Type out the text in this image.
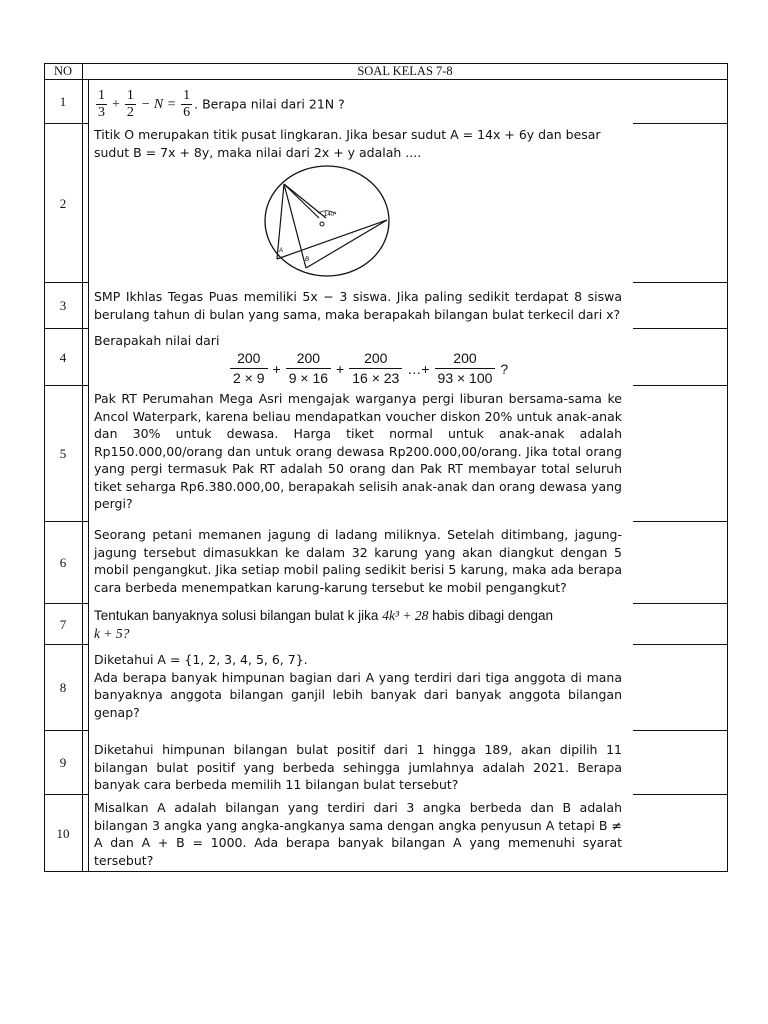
NO	SOAL KELAS 7-8
1
2
3
4
5
6
7
8
9
10
$\frac{1}{3} + \frac{1}{2} - N = \frac{1}{6}$ . Berapa nilai dari 21N ?

Titik O merupakan titik pusat lingkaran. Jika besar sudut A = 14x + 6y dan besar

sudut B = 7x + 8y, maka nilai dari 2x + y adalah ....

140°
A
B
SMP Ikhlas Tegas Puas memiliki 5x − 3 siswa. Jika paling sedikit terdapat 8 siswa berulang tahun di bulan yang sama, maka berapakah bilangan bulat terkecil dari x?
Berapakah nilai dari
$\frac{200}{2 \times 9} + \frac{200}{9 \times 16} + \frac{200}{16 \times 23}$ …+ $\frac{200}{93 \times 100}$ ?
Pak RT Perumahan Mega Asri mengajak warganya pergi liburan bersama-sama ke Ancol Waterpark, karena beliau mendapatkan voucher diskon 20% untuk anak-anak dan 30% untuk dewasa. Harga tiket normal untuk anak-anak adalah Rp150.000,00/orang dan untuk orang dewasa Rp200.000,00/orang. Jika total orang yang pergi termasuk Pak RT adalah 50 orang dan Pak RT membayar total seluruh tiket seharga Rp6.380.000,00, berapakah selisih anak-anak dan orang dewasa yang pergi?
Seorang petani memanen jagung di ladang miliknya. Setelah ditimbang, jagung-jagung tersebut dimasukkan ke dalam 32 karung yang akan diangkut dengan 5 mobil pengangkut. Jika setiap mobil paling sedikit berisi 5 karung, maka ada berapa cara berbeda menempatkan karung-karung tersebut ke mobil pengangkut?

Tentukan banyaknya solusi bilangan bulat k jika 4k³ + 28 habis dibagi dengan

k + 5?

Diketahui A = {1, 2, 3, 4, 5, 6, 7}.

Ada berapa banyak himpunan bagian dari A yang terdiri dari tiga anggota di mana banyaknya anggota bilangan ganjil lebih banyak dari banyak anggota bilangan genap?

Diketahui himpunan bilangan bulat positif dari 1 hingga 189, akan dipilih 11 bilangan bulat positif yang berbeda sehingga jumlahnya adalah 2021. Berapa banyak cara berbeda memilih 11 bilangan bulat tersebut?
Misalkan A adalah bilangan yang terdiri dari 3 angka berbeda dan B adalah bilangan 3 angka yang angka-angkanya sama dengan angka penyusun A tetapi B ≠ A dan A + B = 1000. Ada berapa banyak bilangan A yang memenuhi syarat tersebut?
